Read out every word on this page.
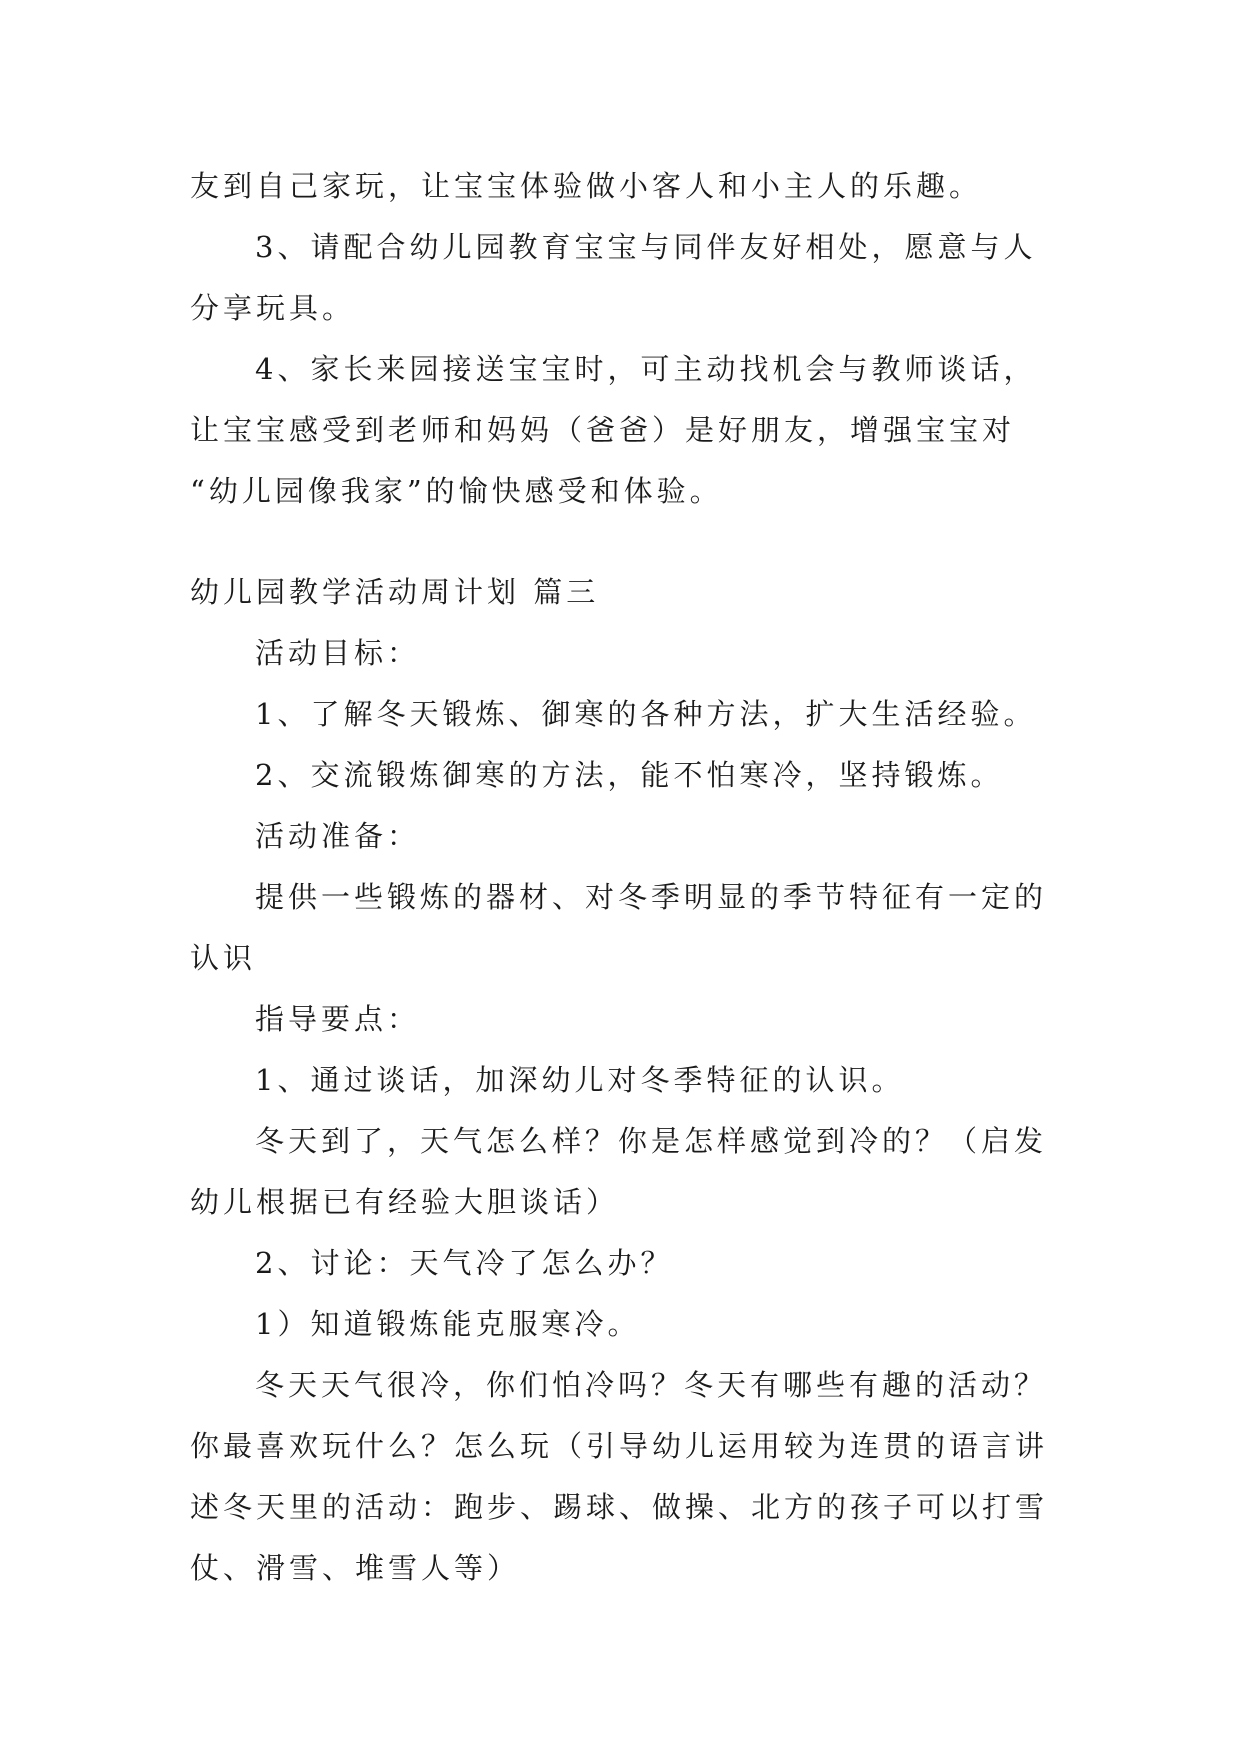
友到自己家玩，让宝宝体验做小客人和小主人的乐趣。
3、请配合幼儿园教育宝宝与同伴友好相处，愿意与人
分享玩具。
4、家长来园接送宝宝时，可主动找机会与教师谈话，
让宝宝感受到老师和妈妈（爸爸）是好朋友，增强宝宝对
“幼儿园像我家”的愉快感受和体验。
幼儿园教学活动周计划 篇三
活动目标：
1、了解冬天锻炼、御寒的各种方法，扩大生活经验。
2、交流锻炼御寒的方法，能不怕寒冷，坚持锻炼。
活动准备：
提供一些锻炼的器材、对冬季明显的季节特征有一定的
认识
指导要点：
1、通过谈话，加深幼儿对冬季特征的认识。
冬天到了，天气怎么样？你是怎样感觉到冷的？（启发
幼儿根据已有经验大胆谈话）
2、讨论：天气冷了怎么办？
1）知道锻炼能克服寒冷。
冬天天气很冷，你们怕冷吗？冬天有哪些有趣的活动？
你最喜欢玩什么？怎么玩（引导幼儿运用较为连贯的语言讲
述冬天里的活动：跑步、踢球、做操、北方的孩子可以打雪
仗、滑雪、堆雪人等）
